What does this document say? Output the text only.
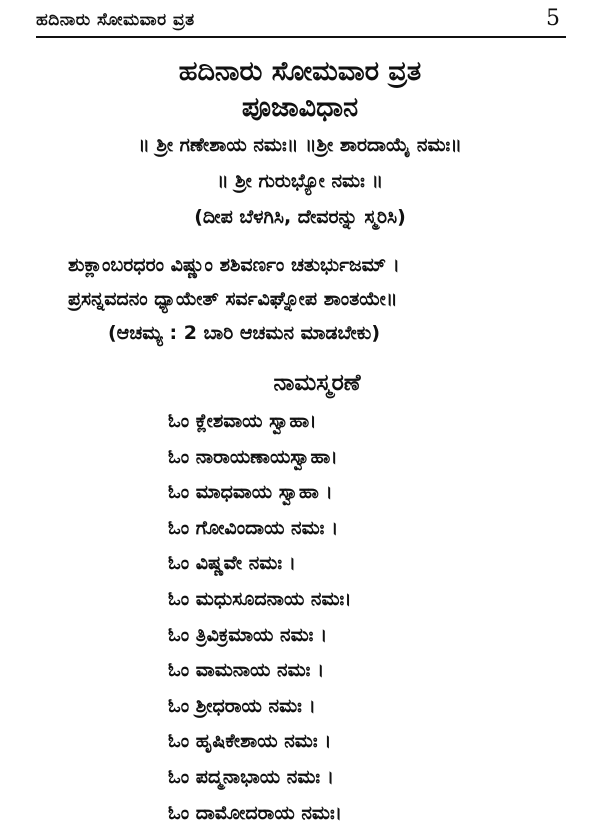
ಹದಿನಾರು ಸೋಮವಾರ ವ್ರತ	5
ಹದಿನಾರು ಸೋಮವಾರ ವ್ರತ
ಪೂಜಾವಿಧಾನ
॥ ಶ್ರೀ ಗಣೇಶಾಯ ನಮಃ॥ ॥ಶ್ರೀ ಶಾರದಾಯೈ ನಮಃ॥
॥ ಶ್ರೀ ಗುರುಭ್ಯೋ ನಮಃ ॥
(ದೀಪ ಬೆಳಗಿಸಿ, ದೇವರನ್ನು ಸ್ಮರಿಸಿ)
ಶುಕ್ಲಾಂಬರಧರಂ ವಿಷ್ಣುಂ ಶಶಿವರ್ಣಂ ಚತುರ್ಭುಜಮ್ ।
ಪ್ರಸನ್ನವದನಂ ಧ್ಯಾಯೇತ್ ಸರ್ವವಿಘ್ನೋಪ ಶಾಂತಯೇ॥
(ಆಚಮ್ಯ : 2 ಬಾರಿ ಆಚಮನ ಮಾಡಬೇಕು)
ನಾಮಸ್ಮರಣೆ
ಓಂ ಕ್ಲೇಶವಾಯ ಸ್ವಾಹಾ।
ಓಂ ನಾರಾಯಣಾಯಸ್ವಾಹಾ।
ಓಂ ಮಾಧವಾಯ ಸ್ವಾಹಾ ।
ಓಂ ಗೋವಿಂದಾಯ ನಮಃ ।
ಓಂ ವಿಷ್ಣವೇ ನಮಃ ।
ಓಂ ಮಧುಸೂದನಾಯ ನಮಃ।
ಓಂ ತ್ರಿವಿಕ್ರಮಾಯ ನಮಃ ।
ಓಂ ವಾಮನಾಯ ನಮಃ ।
ಓಂ ಶ್ರೀಧರಾಯ ನಮಃ ।
ಓಂ ಹೃಷಿಕೇಶಾಯ ನಮಃ ।
ಓಂ ಪದ್ಮನಾಭಾಯ ನಮಃ ।
ಓಂ ದಾಮೋದರಾಯ ನಮಃ।
